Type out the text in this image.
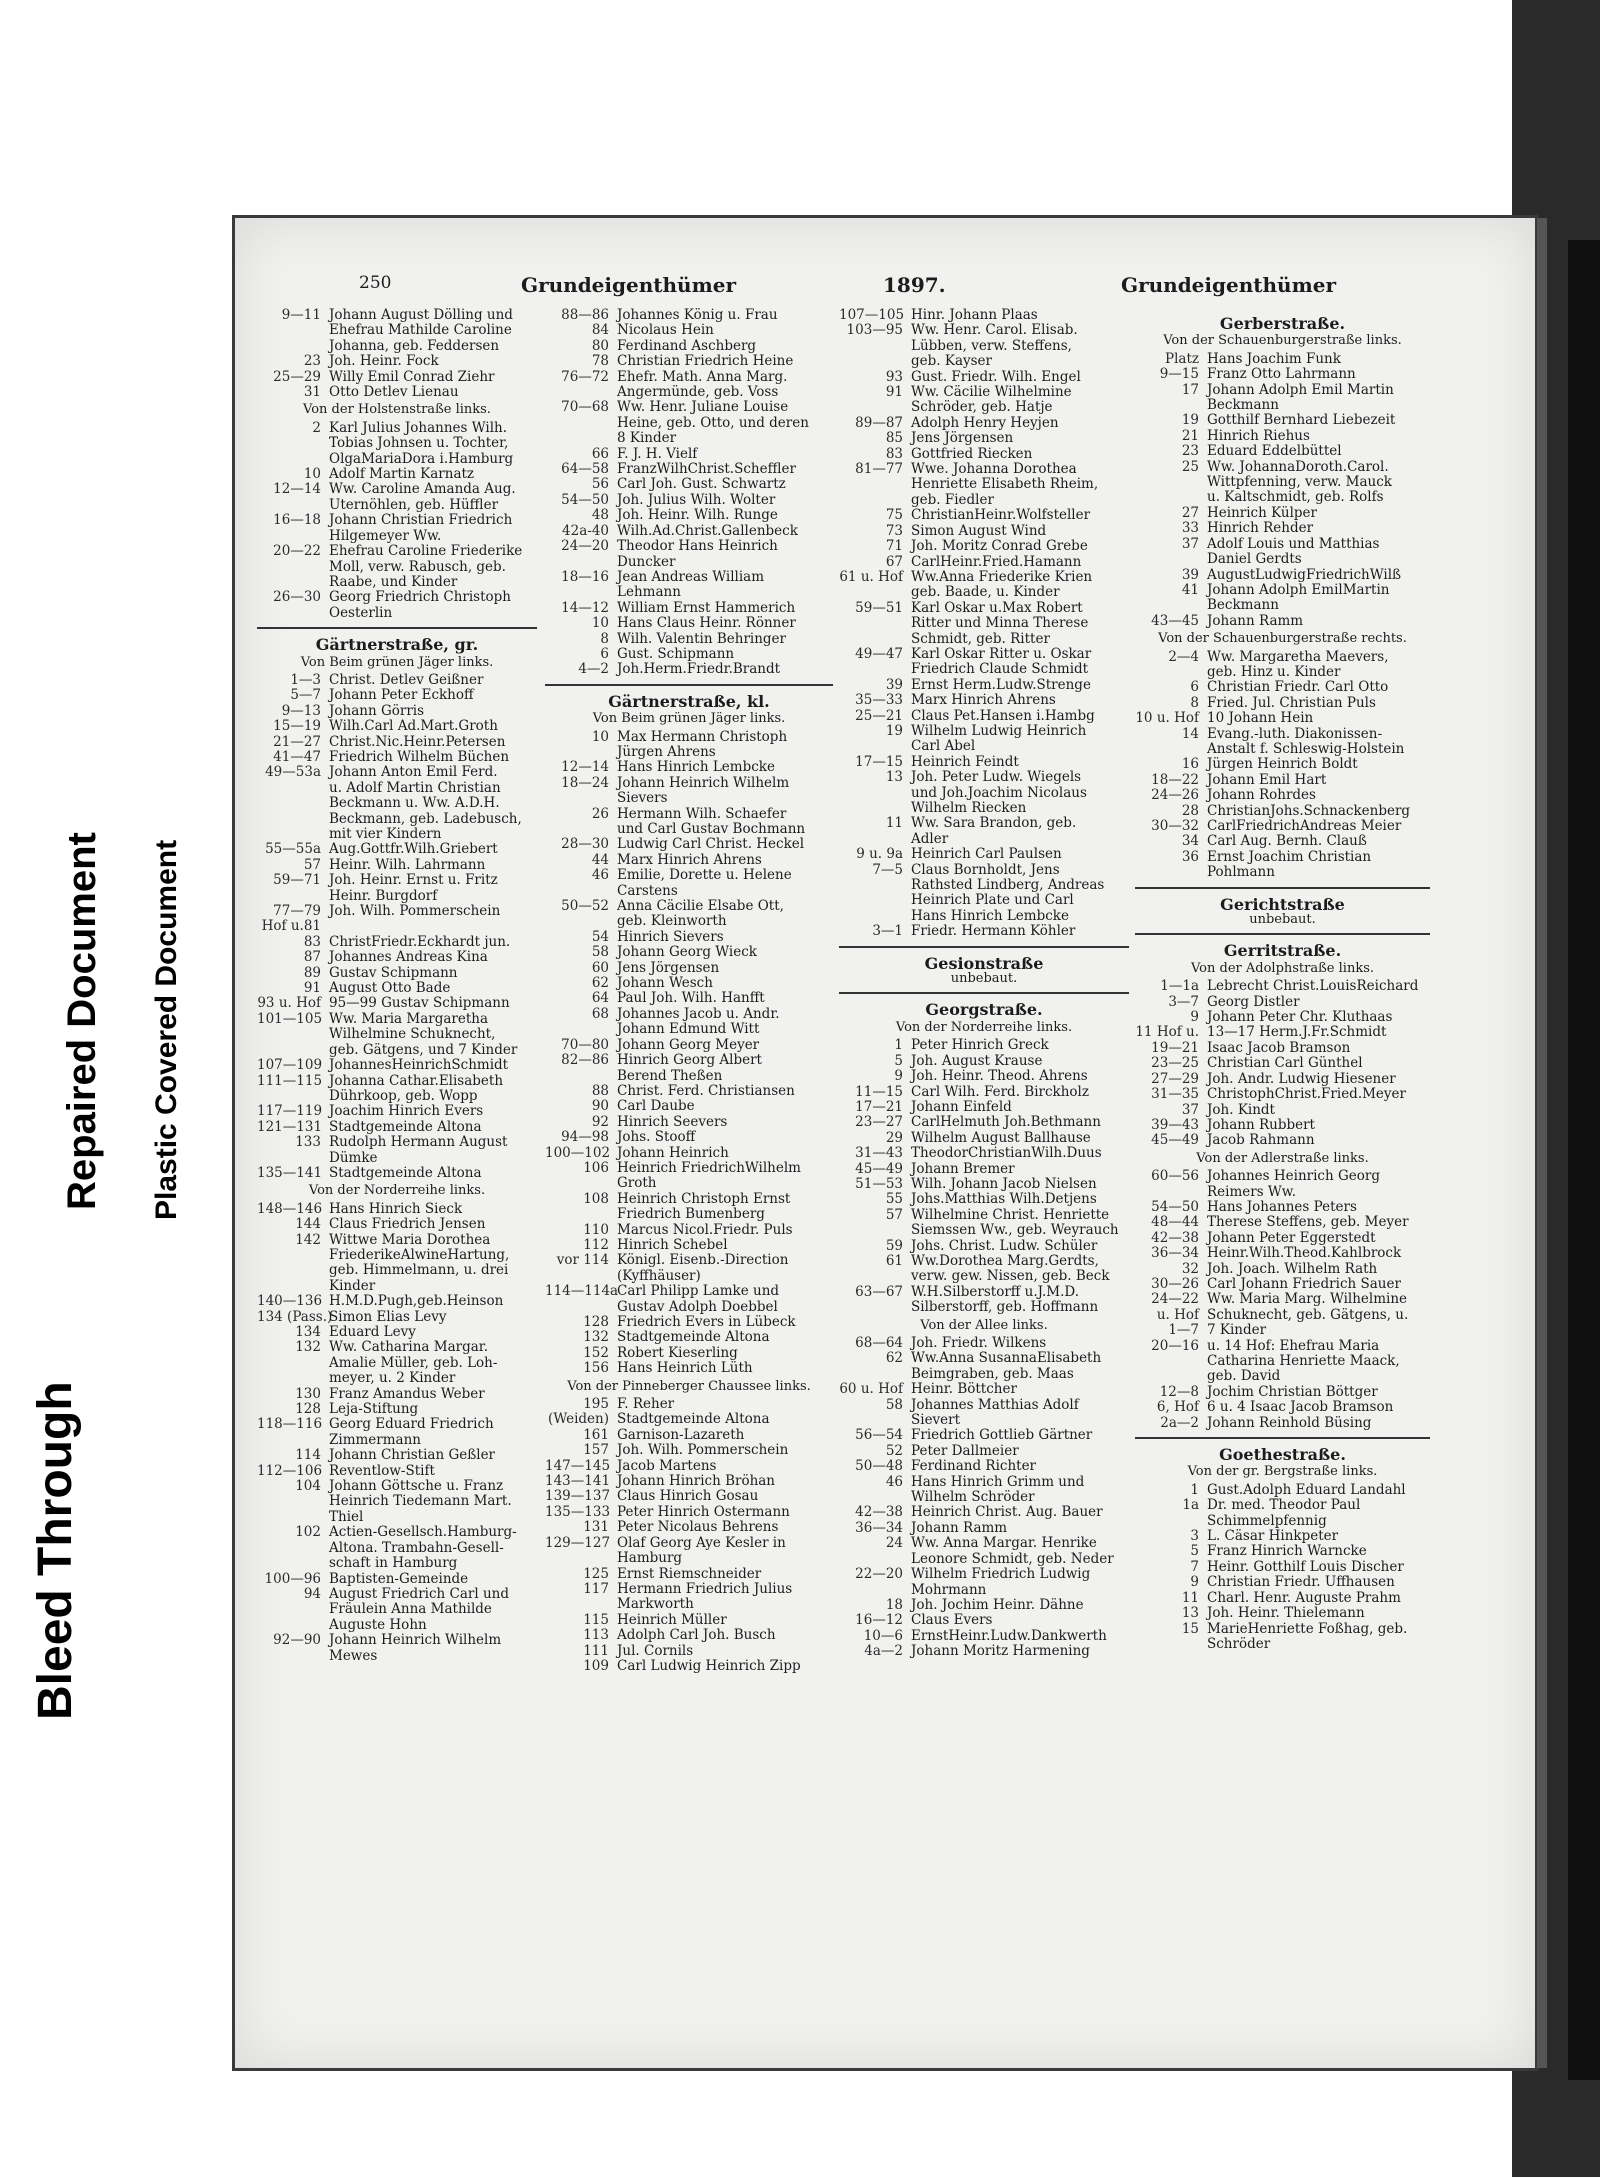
Bleed Through
Repaired Document Plastic Covered Document
250	Grundeigenthümer	1897.	Grundeigenthümer
9—11 Johann August Dölling und
Ehefrau Mathilde Caroline
Johanna, geb. Feddersen
23 Joh. Heinr. Fock
25—29 Willy Emil Conrad Ziehr
31 Otto Detlev Lienau
Von der Holstenstraße links.
2 Karl Julius Johannes Wilh.
Tobias Johnsen u. Tochter,
OlgaMariaDora i.Hamburg
10 Adolf Martin Karnatz
12—14 Ww. Caroline Amanda Aug.
Uternöhlen, geb. Hüffler
16—18 Johann Christian Friedrich
Hilgemeyer Ww.
20—22 Ehefrau Caroline Friederike
Moll, verw. Rabusch, geb.
Raabe, und Kinder
26—30 Georg Friedrich Christoph
Oesterlin
Gärtnerstraße, gr.
Von Beim grünen Jäger links.
1—3 Christ. Detlev Geißner
5—7 Johann Peter Eckhoff
9—13 Johann Görris
15—19 Wilh.Carl Ad.Mart.Groth
21—27 Christ.Nic.Heinr.Petersen
41—47 Friedrich Wilhelm Büchen
49—53a Johann Anton Emil Ferd.
u. Adolf Martin Christian
Beckmann u. Ww. A.D.H.
Beckmann, geb. Ladebusch,
mit vier Kindern
55—55a Aug.Gottfr.Wilh.Griebert
57 Heinr. Wilh. Lahrmann
59—71 Joh. Heinr. Ernst u. Fritz
Heinr. Burgdorf
77—79 Joh. Wilh. Pommerschein
Hof u.81
83 ChristFriedr.Eckhardt jun.
87 Johannes Andreas Kina
89 Gustav Schipmann
91 August Otto Bade
93 u. Hof 95—99 Gustav Schipmann
101—105 Ww. Maria Margaretha
Wilhelmine Schuknecht,
geb. Gätgens, und 7 Kinder
107—109 JohannesHeinrichSchmidt
111—115 Johanna Cathar.Elisabeth
Dührkoop, geb. Wopp
117—119 Joachim Hinrich Evers
121—131 Stadtgemeinde Altona
133 Rudolph Hermann August
Dümke
135—141 Stadtgemeinde Altona
Von der Norderreihe links.
148—146 Hans Hinrich Sieck
144 Claus Friedrich Jensen
142 Wittwe Maria Dorothea
FriederikeAlwineHartung,
geb. Himmelmann, u. drei
Kinder
140—136 H.M.D.Pugh,geb.Heinson
134 (Pass.)Simon Elias Levy
134 Eduard Levy
132 Ww. Catharina Margar.
Amalie Müller, geb. Loh-
meyer, u. 2 Kinder
130 Franz Amandus Weber
128 Leja-Stiftung
118—116 Georg Eduard Friedrich
Zimmermann
114 Johann Christian Geßler
112—106 Reventlow-Stift
104 Johann Göttsche u. Franz
Heinrich Tiedemann Mart.
Thiel
102 Actien-Gesellsch.Hamburg-
Altona. Trambahn-Gesell-
schaft in Hamburg
100—96 Baptisten-Gemeinde
94 August Friedrich Carl und
Fräulein Anna Mathilde
Auguste Hohn
92—90 Johann Heinrich Wilhelm
Mewes
88—86 Johannes König u. Frau
84 Nicolaus Hein
80 Ferdinand Aschberg
78 Christian Friedrich Heine
76—72 Ehefr. Math. Anna Marg.
Angermünde, geb. Voss
70—68 Ww. Henr. Juliane Louise
Heine, geb. Otto, und deren
8 Kinder
66 F. J. H. Vielf
64—58 FranzWilhChrist.Scheffler
56 Carl Joh. Gust. Schwartz
54—50 Joh. Julius Wilh. Wolter
48 Joh. Heinr. Wilh. Runge
42a-40 Wilh.Ad.Christ.Gallenbeck
24—20 Theodor Hans Heinrich
Duncker
18—16 Jean Andreas William
Lehmann
14—12 William Ernst Hammerich
10 Hans Claus Heinr. Rönner
8 Wilh. Valentin Behringer
6 Gust. Schipmann
4—2 Joh.Herm.Friedr.Brandt
Gärtnerstraße, kl.
Von Beim grünen Jäger links.
10 Max Hermann Christoph
Jürgen Ahrens
12—14 Hans Hinrich Lembcke
18—24 Johann Heinrich Wilhelm
Sievers
26 Hermann Wilh. Schaefer
und Carl Gustav Bochmann
28—30 Ludwig Carl Christ. Heckel
44 Marx Hinrich Ahrens
46 Emilie, Dorette u. Helene
Carstens
50—52 Anna Cäcilie Elsabe Ott,
geb. Kleinworth
54 Hinrich Sievers
58 Johann Georg Wieck
60 Jens Jörgensen
62 Johann Wesch
64 Paul Joh. Wilh. Hanfft
68 Johannes Jacob u. Andr.
Johann Edmund Witt
70—80 Johann Georg Meyer
82—86 Hinrich Georg Albert
Berend Theßen
88 Christ. Ferd. Christiansen
90 Carl Daube
92 Hinrich Seevers
94—98 Johs. Stooff
100—102 Johann Heinrich
106 Heinrich FriedrichWilhelm
Groth
108 Heinrich Christoph Ernst
Friedrich Bumenberg
110 Marcus Nicol.Friedr. Puls
112 Hinrich Schebel
vor 114 Königl. Eisenb.-Direction
(Kyffhäuser)
114—114aCarl Philipp Lamke und
Gustav Adolph Doebbel
128 Friedrich Evers in Lübeck
132 Stadtgemeinde Altona
152 Robert Kieserling
156 Hans Heinrich Lüth
Von der Pinneberger Chaussee links.
195 F. Reher
(Weiden) Stadtgemeinde Altona
161 Garnison-Lazareth
157 Joh. Wilh. Pommerschein
147—145 Jacob Martens
143—141 Johann Hinrich Bröhan
139—137 Claus Hinrich Gosau
135—133 Peter Hinrich Ostermann
131 Peter Nicolaus Behrens
129—127 Olaf Georg Aye Kesler in
Hamburg
125 Ernst Riemschneider
117 Hermann Friedrich Julius
Markworth
115 Heinrich Müller
113 Adolph Carl Joh. Busch
111 Jul. Cornils
109 Carl Ludwig Heinrich Zipp
107—105 Hinr. Johann Plaas
103—95 Ww. Henr. Carol. Elisab.
Lübben, verw. Steffens,
geb. Kayser
93 Gust. Friedr. Wilh. Engel
91 Ww. Cäcilie Wilhelmine
Schröder, geb. Hatje
89—87 Adolph Henry Heyjen
85 Jens Jörgensen
83 Gottfried Riecken
81—77 Wwe. Johanna Dorothea
Henriette Elisabeth Rheim,
geb. Fiedler
75 ChristianHeinr.Wolfsteller
73 Simon August Wind
71 Joh. Moritz Conrad Grebe
67 CarlHeinr.Fried.Hamann
61 u. Hof Ww.Anna Friederike Krien
geb. Baade, u. Kinder
59—51 Karl Oskar u.Max Robert
Ritter und Minna Therese
Schmidt, geb. Ritter
49—47 Karl Oskar Ritter u. Oskar
Friedrich Claude Schmidt
39 Ernst Herm.Ludw.Strenge
35—33 Marx Hinrich Ahrens
25—21 Claus Pet.Hansen i.Hambg
19 Wilhelm Ludwig Heinrich
Carl Abel
17—15 Heinrich Feindt
13 Joh. Peter Ludw. Wiegels
und Joh.Joachim Nicolaus
Wilhelm Riecken
11 Ww. Sara Brandon, geb.
Adler
9 u. 9a Heinrich Carl Paulsen
7—5 Claus Bornholdt, Jens
Rathsted Lindberg, Andreas
Heinrich Plate und Carl
Hans Hinrich Lembcke
3—1 Friedr. Hermann Köhler
Gesionstraße
unbebaut.
Georgstraße.
Von der Norderreihe links.
1 Peter Hinrich Greck
5 Joh. August Krause
9 Joh. Heinr. Theod. Ahrens
11—15 Carl Wilh. Ferd. Birckholz
17—21 Johann Einfeld
23—27 CarlHelmuth Joh.Bethmann
29 Wilhelm August Ballhause
31—43 TheodorChristianWilh.Duus
45—49 Johann Bremer
51—53 Wilh. Johann Jacob Nielsen
55 Johs.Matthias Wilh.Detjens
57 Wilhelmine Christ. Henriette
Siemssen Ww., geb. Weyrauch
59 Johs. Christ. Ludw. Schüler
61 Ww.Dorothea Marg.Gerdts,
verw. gew. Nissen, geb. Beck
63—67 W.H.Silberstorff u.J.M.D.
Silberstorff, geb. Hoffmann
Von der Allee links.
68—64 Joh. Friedr. Wilkens
62 Ww.Anna SusannaElisabeth
Beimgraben, geb. Maas
60 u. Hof Heinr. Böttcher
58 Johannes Matthias Adolf
Sievert
56—54 Friedrich Gottlieb Gärtner
52 Peter Dallmeier
50—48 Ferdinand Richter
46 Hans Hinrich Grimm und
Wilhelm Schröder
42—38 Heinrich Christ. Aug. Bauer
36—34 Johann Ramm
24 Ww. Anna Margar. Henrike
Leonore Schmidt, geb. Neder
22—20 Wilhelm Friedrich Ludwig
Mohrmann
18 Joh. Jochim Heinr. Dähne
16—12 Claus Evers
10—6 ErnstHeinr.Ludw.Dankwerth
4a—2 Johann Moritz Harmening
Gerberstraße.
Von der Schauenburgerstraße links.
Platz Hans Joachim Funk
9—15 Franz Otto Lahrmann
17 Johann Adolph Emil Martin
Beckmann
19 Gotthilf Bernhard Liebezeit
21 Hinrich Riehus
23 Eduard Eddelbüttel
25 Ww. JohannaDoroth.Carol.
Wittpfenning, verw. Mauck
u. Kaltschmidt, geb. Rolfs
27 Heinrich Külper
33 Hinrich Rehder
37 Adolf Louis und Matthias
Daniel Gerdts
39 AugustLudwigFriedrichWilß
41 Johann Adolph EmilMartin
Beckmann
43—45 Johann Ramm
Von der Schauenburgerstraße rechts.
2—4 Ww. Margaretha Maevers,
geb. Hinz u. Kinder
6 Christian Friedr. Carl Otto
8 Fried. Jul. Christian Puls
10 u. Hof 10 Johann Hein
14 Evang.-luth. Diakonissen-
Anstalt f. Schleswig-Holstein
16 Jürgen Heinrich Boldt
18—22 Johann Emil Hart
24—26 Johann Rohrdes
28 ChristianJohs.Schnackenberg
30—32 CarlFriedrichAndreas Meier
34 Carl Aug. Bernh. Clauß
36 Ernst Joachim Christian
Pohlmann
Gerichtstraße
unbebaut.
Gerritstraße.
Von der Adolphstraße links.
1—1a Lebrecht Christ.LouisReichard
3—7 Georg Distler
9 Johann Peter Chr. Kluthaas
11 Hof u. 13—17 Herm.J.Fr.Schmidt
19—21 Isaac Jacob Bramson
23—25 Christian Carl Günthel
27—29 Joh. Andr. Ludwig Hiesener
31—35 ChristophChrist.Fried.Meyer
37 Joh. Kindt
39—43 Johann Rubbert
45—49 Jacob Rahmann
Von der Adlerstraße links.
60—56 Johannes Heinrich Georg
Reimers Ww.
54—50 Hans Johannes Peters
48—44 Therese Steffens, geb. Meyer
42—38 Johann Peter Eggerstedt
36—34 Heinr.Wilh.Theod.Kahlbrock
32 Joh. Joach. Wilhelm Rath
30—26 Carl Johann Friedrich Sauer
24—22 Ww. Maria Marg. Wilhelmine
u. Hof Schuknecht, geb. Gätgens, u.
1—7 7 Kinder
20—16 u. 14 Hof: Ehefrau Maria
Catharina Henriette Maack,
geb. David
12—8 Jochim Christian Böttger
6, Hof 6 u. 4 Isaac Jacob Bramson
2a—2 Johann Reinhold Büsing
Goethestraße.
Von der gr. Bergstraße links.
1 Gust.Adolph Eduard Landahl
1a Dr. med. Theodor Paul
Schimmelpfennig
3 L. Cäsar Hinkpeter
5 Franz Hinrich Warncke
7 Heinr. Gotthilf Louis Discher
9 Christian Friedr. Uffhausen
11 Charl. Henr. Auguste Prahm
13 Joh. Heinr. Thielemann
15 MarieHenriette Foßhag, geb.
Schröder
